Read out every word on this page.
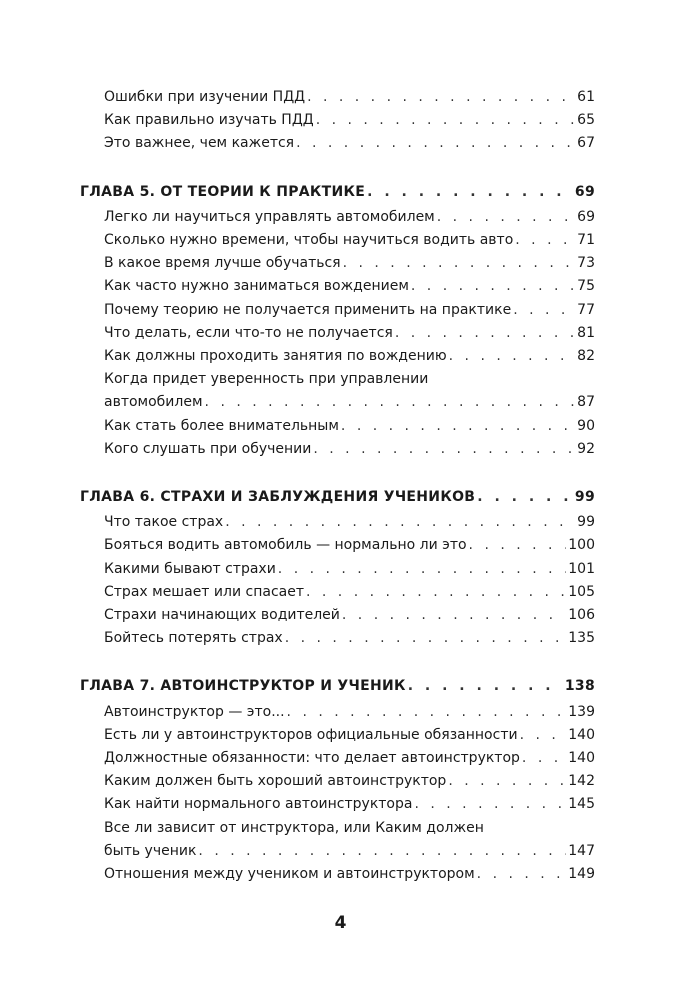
Ошибки при изучении ПДД . . .	61
Как правильно изучать ПДД . . .	65
Это важнее, чем кажется . . .	67
ГЛАВА 5. ОТ ТЕОРИИ К ПРАКТИКЕ . . .	69
Легко ли научиться управлять автомобилем . . .	69
Сколько нужно времени, чтобы научиться водить авто . . .	71
В какое время лучше обучаться . . .	73
Как часто нужно заниматься вождением . . .	75
Почему теорию не получается применить на практике . . .	77
Что делать, если что-то не получается . . .	81
Как должны проходить занятия по вождению . . .	82
Когда придет уверенность при управлении
автомобилем . . .	87
Как стать более внимательным . . .	90
Кого слушать при обучении . . .	92
ГЛАВА 6. СТРАХИ И ЗАБЛУЖДЕНИЯ УЧЕНИКОВ . . .	99
Что такое страх . . .	99
Бояться водить автомобиль — нормально ли это . . .	100
Какими бывают страхи . . .	101
Страх мешает или спасает . . .	105
Страхи начинающих водителей . . .	106
Бойтесь потерять страх . . .	135
ГЛАВА 7. АВТОИНСТРУКТОР И УЧЕНИК . . .	138
Автоинструктор — это... . . .	139
Есть ли у автоинструкторов официальные обязанности . . .	140
Должностные обязанности: что делает автоинструктор . . .	140
Каким должен быть хороший автоинструктор . . .	142
Как найти нормального автоинструктора . . .	145
Все ли зависит от инструктора, или Каким должен
быть ученик . . .	147
Отношения между учеником и автоинструктором . . .	149
4
